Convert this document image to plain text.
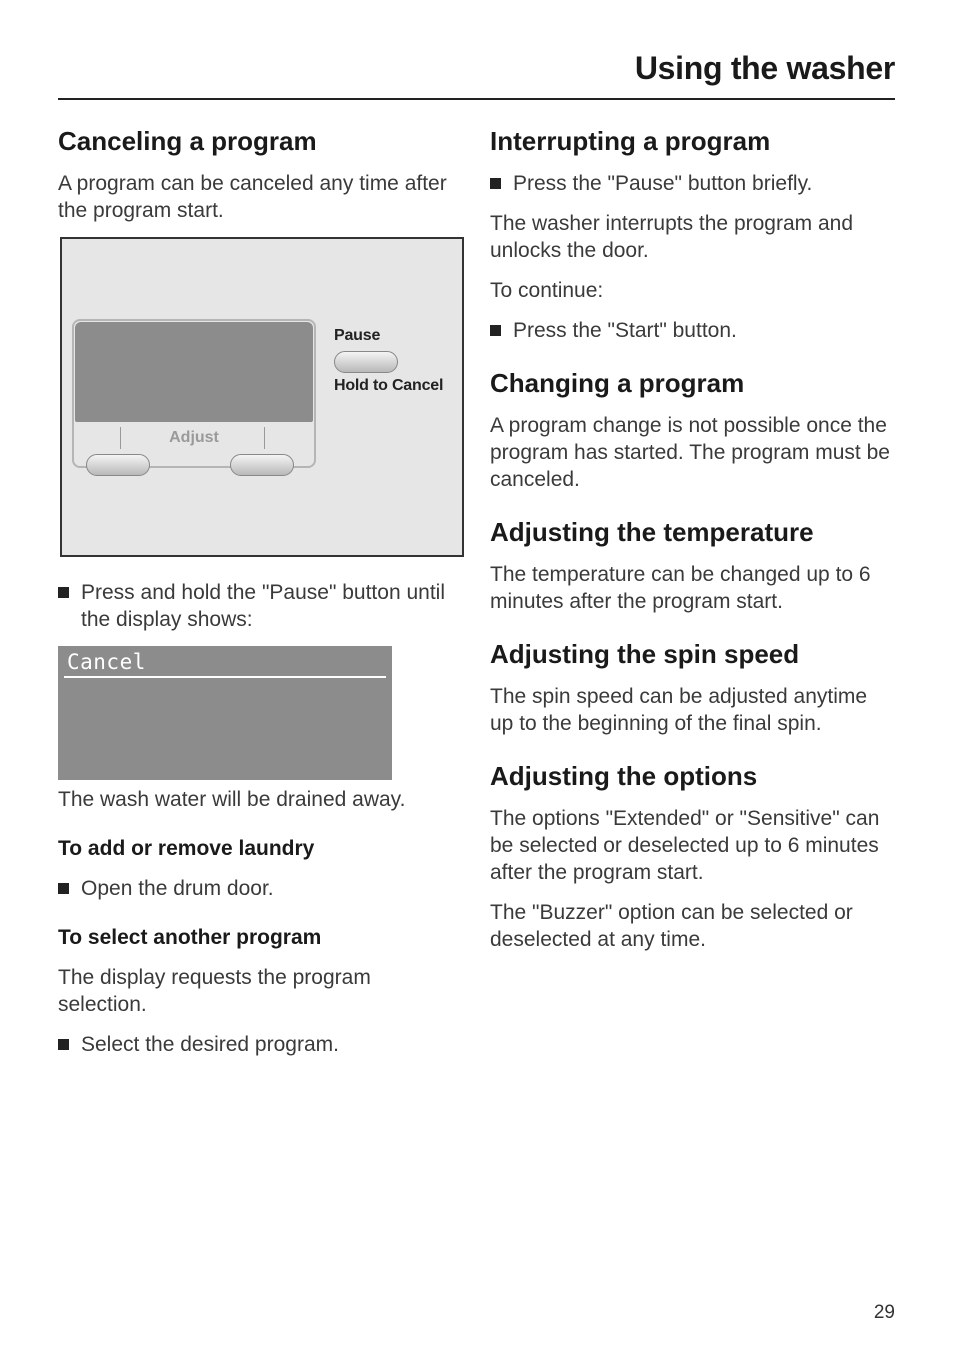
Using the washer
Canceling a program

A program can be canceled any time after the program start.

Adjust
Pause
Hold to Cancel
Press and hold the "Pause" button until the display shows:
Cancel

The wash water will be drained away.

To add or remove laundry
Open the drum door.
To select another program

The display requests the program selection.

Select the desired program.
Interrupting a program
Press the "Pause" button briefly.

The washer interrupts the program and unlocks the door.

To continue:

Press the "Start" button.
Changing a program

A program change is not possible once the program has started. The program must be canceled.

Adjusting the temperature

The temperature can be changed up to 6 minutes after the program start.

Adjusting the spin speed

The spin speed can be adjusted anytime up to the beginning of the final spin.

Adjusting the options

The options "Extended" or "Sensitive" can be selected or deselected up to 6 minutes after the program start.

The "Buzzer" option can be selected or deselected at any time.

29
